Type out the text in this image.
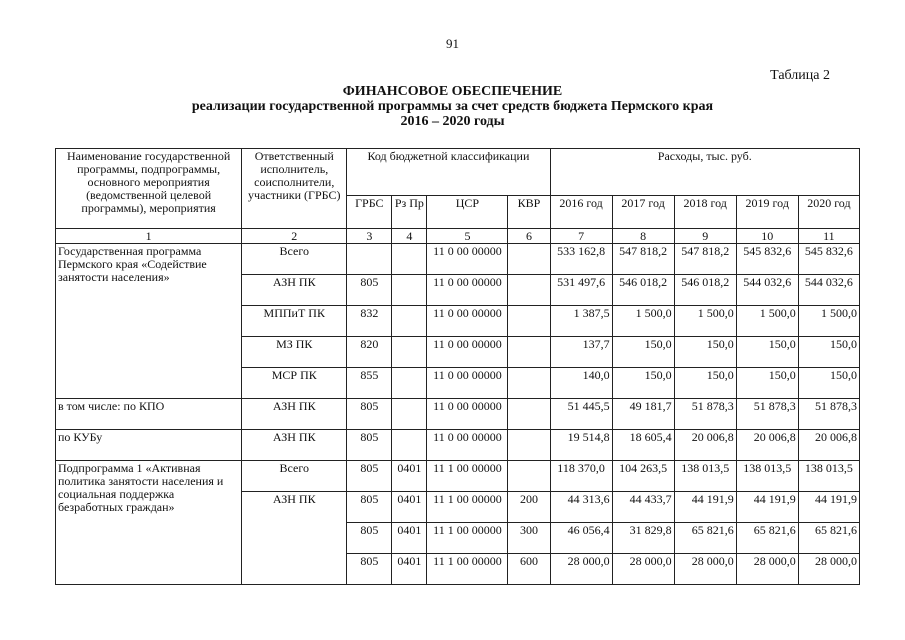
91
Таблица 2
ФИНАНСОВОЕ ОБЕСПЕЧЕНИЕ
реализации государственной программы за счет средств бюджета Пермского края
2016 – 2020 годы
Наименование государственной программы, подпрограммы, основного мероприятия (ведомственной целевой программы), мероприятия	Ответственный исполнитель, соисполнители, участники (ГРБС)	Код бюджетной классификации				Расходы, тыс. руб.				
		ГРБС	Рз Пр	ЦСР	КВР	2016 год	2017 год	2018 год	2019 год	2020 год
1	2	3	4	5	6	7	8	9	10	11
Государственная программа Пермского края «Содействие занятости населения»	Всего			11 0 00 00000		533 162,8	547 818,2	547 818,2	545 832,6	545 832,6
	АЗН ПК	805		11 0 00 00000		531 497,6	546 018,2	546 018,2	544 032,6	544 032,6
	МППиТ ПК	832		11 0 00 00000		1 387,5	1 500,0	1 500,0	1 500,0	1 500,0
	МЗ ПК	820		11 0 00 00000		137,7	150,0	150,0	150,0	150,0
	МСР ПК	855		11 0 00 00000		140,0	150,0	150,0	150,0	150,0
в том числе: по КПО	АЗН ПК	805		11 0 00 00000		51 445,5	49 181,7	51 878,3	51 878,3	51 878,3
по КУБу	АЗН ПК	805		11 0 00 00000		19 514,8	18 605,4	20 006,8	20 006,8	20 006,8
Подпрограмма 1 «Активная политика занятости населения и социальная поддержка безработных граждан»	Всего	805	0401	11 1 00 00000		118 370,0	104 263,5	138 013,5	138 013,5	138 013,5
	АЗН ПК	805	0401	11 1 00 00000	200	44 313,6	44 433,7	44 191,9	44 191,9	44 191,9
		805	0401	11 1 00 00000	300	46 056,4	31 829,8	65 821,6	65 821,6	65 821,6
		805	0401	11 1 00 00000	600	28 000,0	28 000,0	28 000,0	28 000,0	28 000,0
